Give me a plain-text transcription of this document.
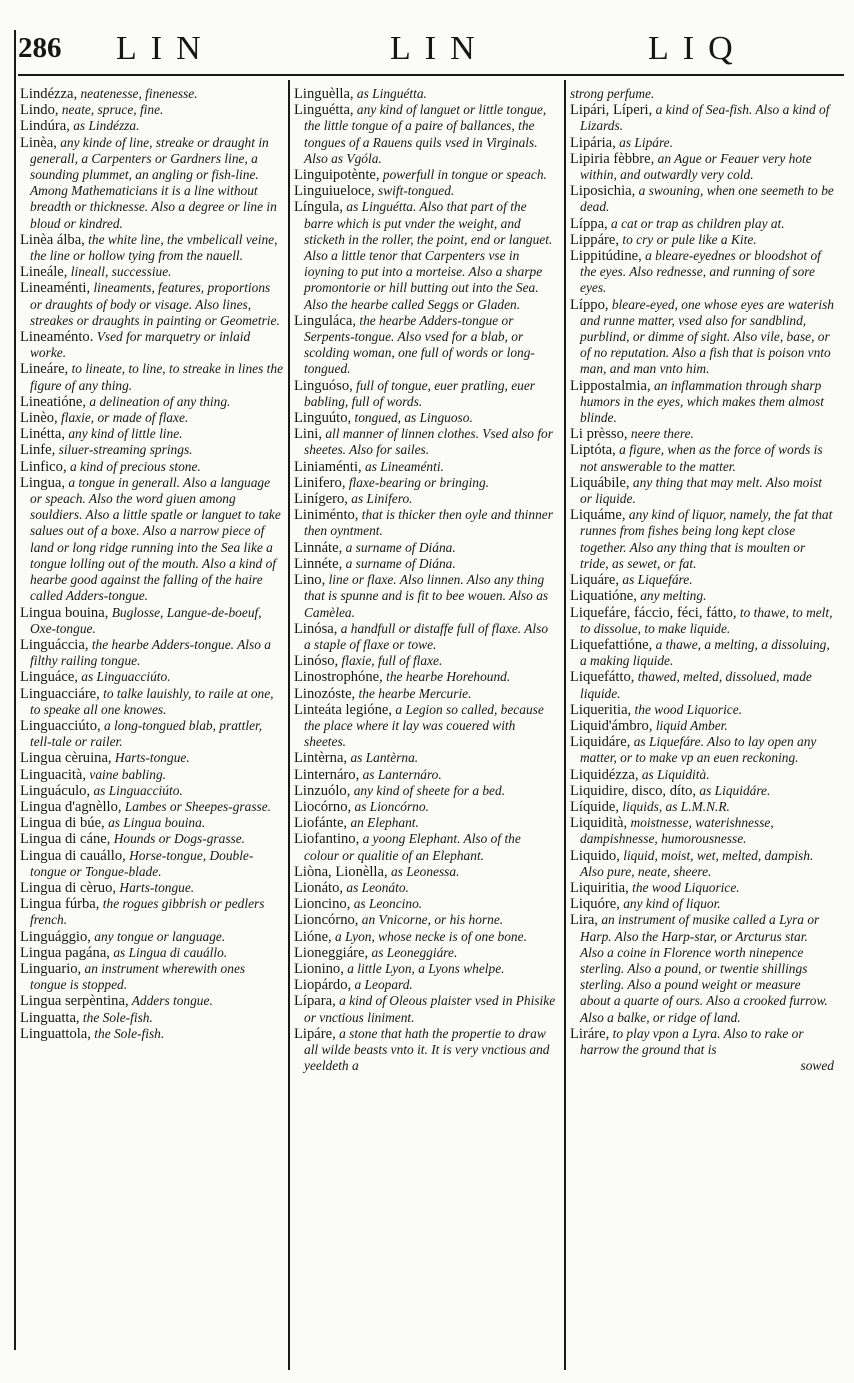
286 LIN	LIN	LIQ
Lindézza, neatenesse, finenesse.
Lindo, neate, spruce, fine.
Lindúra, as Lindézza.
Linèa, any kinde of line, streake or draught in generall, a Carpenters or Gardners line, a sounding plummet, an angling or fish-line. Among Mathematicians it is a line without breadth or thicknesse. Also a degree or line in bloud or kindred.
Linèa álba, the white line, the vmbelicall veine, the line or hollow tying from the nauell.
Lineále, lineall, successiue.
Lineaménti, lineaments, features, proportions or draughts of body or visage. Also lines, streakes or draughts in painting or Geometrie.
Lineaménto. Vsed for marquetry or inlaid worke.
Lineáre, to lineate, to line, to streake in lines the figure of any thing.
Lineatióne, a delineation of any thing.
Linèo, flaxie, or made of flaxe.
Linétta, any kind of little line.
Linfe, siluer-streaming springs.
Linfico, a kind of precious stone.
Lingua, a tongue in generall. Also a language or speach. Also the word giuen among souldiers. Also a little spatle or languet to take salues out of a boxe. Also a narrow piece of land or long ridge running into the Sea like a tongue lolling out of the mouth. Also a kind of hearbe good against the falling of the haire called Adders-tongue.
Lingua bouina, Buglosse, Langue-de-boeuf, Oxe-tongue.
Linguáccia, the hearbe Adders-tongue. Also a filthy railing tongue.
Linguáce, as Linguacciúto.
Linguacciáre, to talke lauishly, to raile at one, to speake all one knowes.
Linguacciúto, a long-tongued blab, prattler, tell-tale or railer.
Lingua cèruina, Harts-tongue.
Linguacità, vaine babling.
Linguáculo, as Linguacciúto.
Lingua d'agnèllo, Lambes or Sheepes-grasse.
Lingua di búe, as Lingua bouina.
Lingua di cáne, Hounds or Dogs-grasse.
Lingua di cauállo, Horse-tongue, Double-tongue or Tongue-blade.
Lingua di cèruo, Harts-tongue.
Lingua fúrba, the rogues gibbrish or pedlers french.
Linguággio, any tongue or language.
Lingua pagána, as Lingua di cauállo.
Linguario, an instrument wherewith ones tongue is stopped.
Lingua serpèntina, Adders tongue.
Linguatta, the Sole-fish.
Linguattola, the Sole-fish.
Linguèlla, as Linguétta.
Linguétta, any kind of languet or little tongue, the little tongue of a paire of ballances, the tongues of a Rauens quils vsed in Virginals. Also as Vgóla.
Linguipotènte, powerfull in tongue or speach.
Linguiueloce, swift-tongued.
Língula, as Linguétta. Also that part of the barre which is put vnder the weight, and sticketh in the roller, the point, end or languet. Also a little tenor that Carpenters vse in ioyning to put into a morteise. Also a sharpe promontorie or hill butting out into the Sea. Also the hearbe called Seggs or Gladen.
Linguláca, the hearbe Adders-tongue or Serpents-tongue. Also vsed for a blab, or scolding woman, one full of words or long-tongued.
Linguóso, full of tongue, euer pratling, euer babling, full of words.
Linguúto, tongued, as Linguoso.
Lini, all manner of linnen clothes. Vsed also for sheetes. Also for sailes.
Liniaménti, as Lineaménti.
Linifero, flaxe-bearing or bringing.
Linígero, as Linifero.
Liniménto, that is thicker then oyle and thinner then oyntment.
Linnáte, a surname of Diána.
Linnéte, a surname of Diána.
Lino, line or flaxe. Also linnen. Also any thing that is spunne and is fit to bee wouen. Also as Camèlea.
Linósa, a handfull or distaffe full of flaxe. Also a staple of flaxe or towe.
Linóso, flaxie, full of flaxe.
Linostrophóne, the hearbe Horehound.
Linozóste, the hearbe Mercurie.
Linteáta legióne, a Legion so called, because the place where it lay was couered with sheetes.
Lintèrna, as Lantèrna.
Linternáro, as Lanternáro.
Linzuólo, any kind of sheete for a bed.
Liocórno, as Lioncórno.
Liofánte, an Elephant.
Liofantino, a yoong Elephant. Also of the colour or qualitie of an Elephant.
Liòna, Lionèlla, as Leonessa.
Lionáto, as Leonáto.
Lioncino, as Leoncino.
Lioncórno, an Vnicorne, or his horne.
Lióne, a Lyon, whose necke is of one bone.
Lioneggiáre, as Leoneggiáre.
Lionino, a little Lyon, a Lyons whelpe.
Liopárdo, a Leopard.
Lípara, a kind of Oleous plaister vsed in Phisike or vnctious liniment.
Lipáre, a stone that hath the propertie to draw all wilde beasts vnto it. It is very vnctious and yeeldeth a
strong perfume.
Lipári, Líperi, a kind of Sea-fish. Also a kind of Lizards.
Lipária, as Lipáre.
Lipiria fèbbre, an Ague or Feauer very hote within, and outwardly very cold.
Liposichia, a swouning, when one seemeth to be dead.
Líppa, a cat or trap as children play at.
Lippáre, to cry or pule like a Kite.
Lippitúdine, a bleare-eyednes or bloodshot of the eyes. Also rednesse, and running of sore eyes.
Líppo, bleare-eyed, one whose eyes are waterish and runne matter, vsed also for sandblind, purblind, or dimme of sight. Also vile, base, or of no reputation. Also a fish that is poison vnto man, and man vnto him.
Lippostalmia, an inflammation through sharp humors in the eyes, which makes them almost blinde.
Li prèsso, neere there.
Liptóta, a figure, when as the force of words is not answerable to the matter.
Liquábile, any thing that may melt. Also moist or liquide.
Liquáme, any kind of liquor, namely, the fat that runnes from fishes being long kept close together. Also any thing that is moulten or tride, as sewet, or fat.
Liquáre, as Liquefáre.
Liquatióne, any melting.
Liquefáre, fáccio, féci, fátto, to thawe, to melt, to dissolue, to make liquide.
Liquefattióne, a thawe, a melting, a dissoluing, a making liquide.
Liquefátto, thawed, melted, dissolued, made liquide.
Liqueritia, the wood Liquorice.
Liquid'ámbro, liquid Amber.
Liquidáre, as Liquefáre. Also to lay open any matter, or to make vp an euen reckoning.
Liquidézza, as Liquidità.
Liquidire, disco, díto, as Liquidáre.
Líquide, liquids, as L.M.N.R.
Liquidità, moistnesse, waterishnesse, dampishnesse, humorousnesse.
Liquido, liquid, moist, wet, melted, dampish. Also pure, neate, sheere.
Liquiritia, the wood Liquorice.
Liquóre, any kind of liquor.
Lira, an instrument of musike called a Lyra or Harp. Also the Harp-star, or Arcturus star. Also a coine in Florence worth ninepence sterling. Also a pound, or twentie shillings sterling. Also a pound weight or measure about a quarte of ours. Also a crooked furrow. Also a balke, or ridge of land.
Liráre, to play vpon a Lyra. Also to rake or harrow the ground that is
sowed
